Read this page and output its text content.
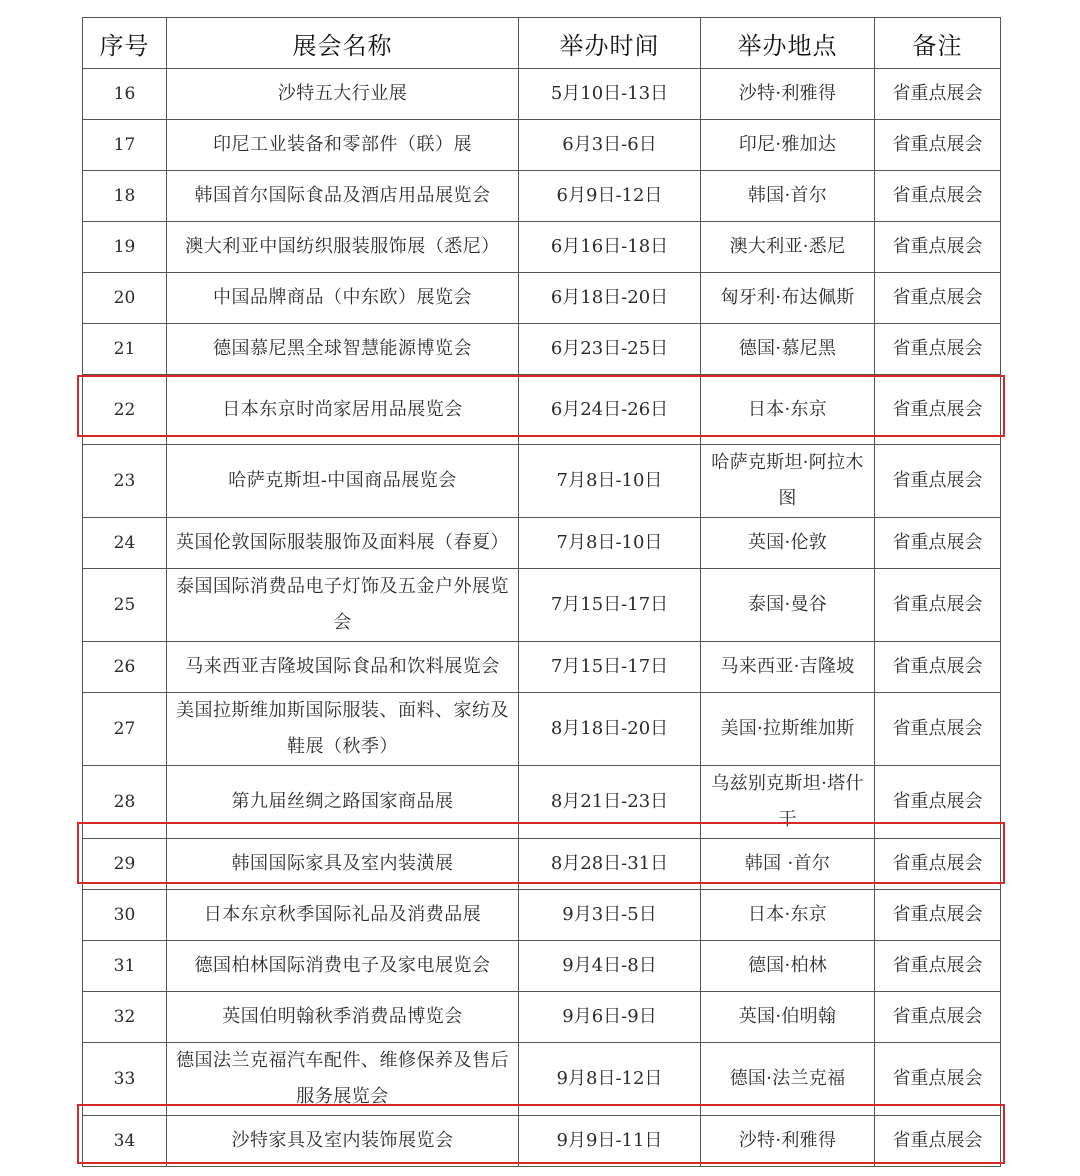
序号	展会名称	举办时间	举办地点	备注
16	沙特五大行业展	5月10日-13日	沙特·利雅得	省重点展会
17	印尼工业装备和零部件（联）展	6月3日-6日	印尼·雅加达	省重点展会
18	韩国首尔国际食品及酒店用品展览会	6月9日-12日	韩国·首尔	省重点展会
19	澳大利亚中国纺织服装服饰展（悉尼）	6月16日-18日	澳大利亚·悉尼	省重点展会
20	中国品牌商品（中东欧）展览会	6月18日-20日	匈牙利·布达佩斯	省重点展会
21	德国慕尼黑全球智慧能源博览会	6月23日-25日	德国·慕尼黑	省重点展会
22	日本东京时尚家居用品展览会	6月24日-26日	日本·东京	省重点展会
23	哈萨克斯坦-中国商品展览会	7月8日-10日	哈萨克斯坦·阿拉木图	省重点展会
24	英国伦敦国际服装服饰及面料展（春夏）	7月8日-10日	英国·伦敦	省重点展会
25	泰国国际消费品电子灯饰及五金户外展览会	7月15日-17日	泰国·曼谷	省重点展会
26	马来西亚吉隆坡国际食品和饮料展览会	7月15日-17日	马来西亚·吉隆坡	省重点展会
27	美国拉斯维加斯国际服装、面料、家纺及鞋展（秋季）	8月18日-20日	美国·拉斯维加斯	省重点展会
28	第九届丝绸之路国家商品展	8月21日-23日	乌兹别克斯坦·塔什干	省重点展会
29	韩国国际家具及室内装潢展	8月28日-31日	韩国 ·首尔	省重点展会
30	日本东京秋季国际礼品及消费品展	9月3日-5日	日本·东京	省重点展会
31	德国柏林国际消费电子及家电展览会	9月4日-8日	德国·柏林	省重点展会
32	英国伯明翰秋季消费品博览会	9月6日-9日	英国·伯明翰	省重点展会
33	德国法兰克福汽车配件、维修保养及售后服务展览会	9月8日-12日	德国·法兰克福	省重点展会
34	沙特家具及室内装饰展览会	9月9日-11日	沙特·利雅得	省重点展会
